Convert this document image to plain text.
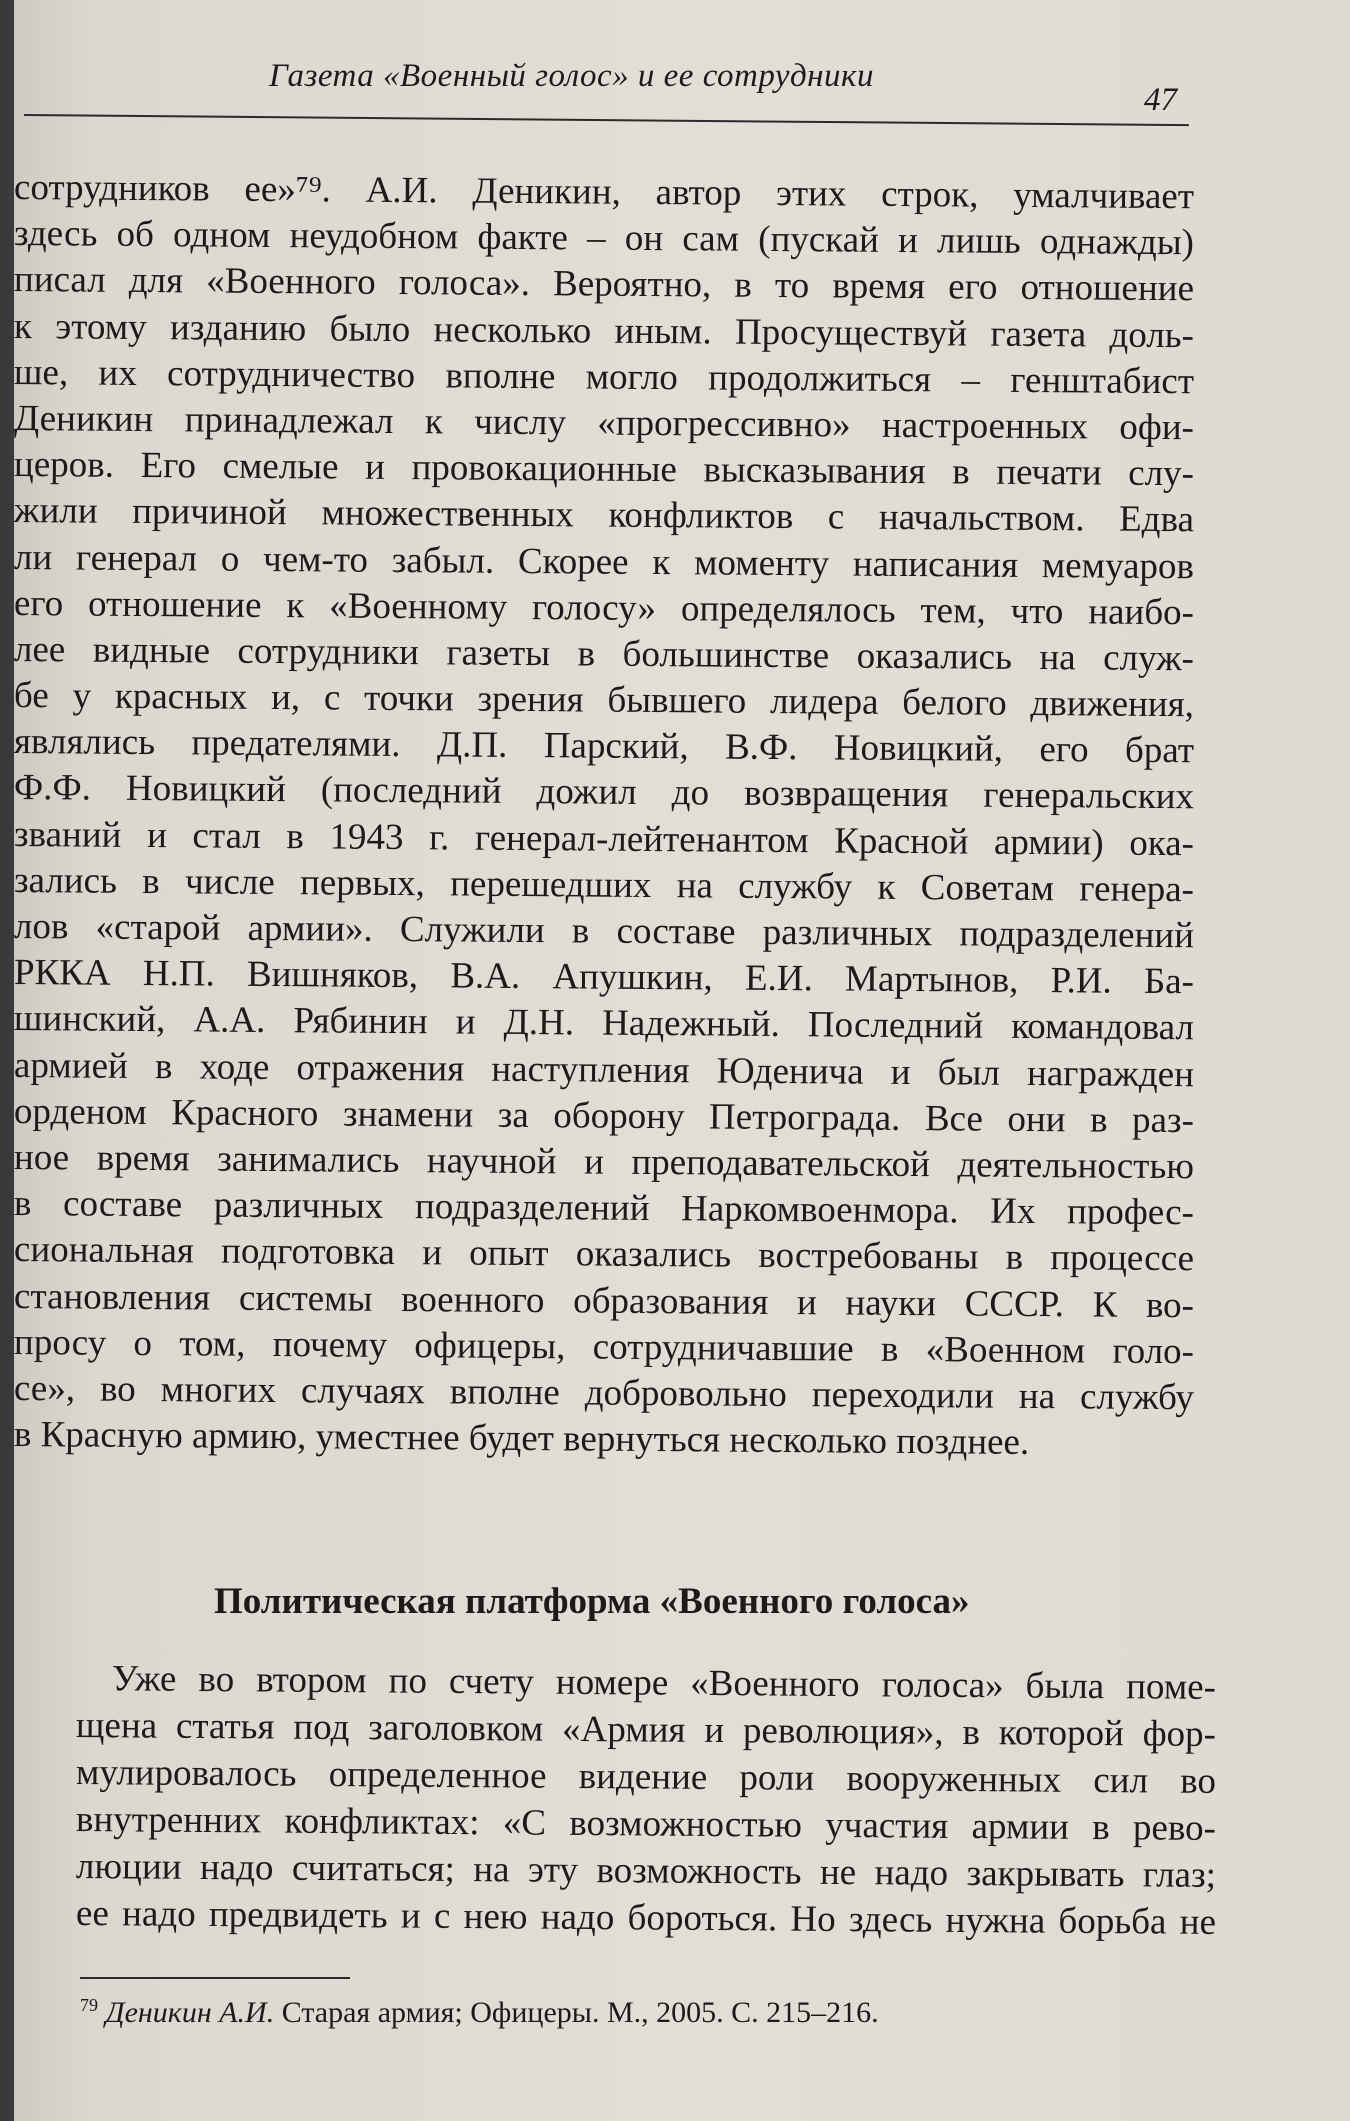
Газета «Военный голос» и ее сотрудники
47
сотрудников ее»⁷⁹. А.И. Деникин, автор этих строк, умалчивает
здесь об одном неудобном факте – он сам (пускай и лишь однажды)
писал для «Военного голоса». Вероятно, в то время его отношение
к этому изданию было несколько иным. Просуществуй газета доль-
ше, их сотрудничество вполне могло продолжиться – генштабист
Деникин принадлежал к числу «прогрессивно» настроенных офи-
церов. Его смелые и провокационные высказывания в печати слу-
жили причиной множественных конфликтов с начальством. Едва
ли генерал о чем-то забыл. Скорее к моменту написания мемуаров
его отношение к «Военному голосу» определялось тем, что наибо-
лее видные сотрудники газеты в большинстве оказались на служ-
бе у красных и, с точки зрения бывшего лидера белого движения,
являлись предателями. Д.П. Парский, В.Ф. Новицкий, его брат
Ф.Ф. Новицкий (последний дожил до возвращения генеральских
званий и стал в 1943 г. генерал-лейтенантом Красной армии) ока-
зались в числе первых, перешедших на службу к Советам генера-
лов «старой армии». Служили в составе различных подразделений
РККА Н.П. Вишняков, В.А. Апушкин, Е.И. Мартынов, Р.И. Ба-
шинский, А.А. Рябинин и Д.Н. Надежный. Последний командовал
армией в ходе отражения наступления Юденича и был награжден
орденом Красного знамени за оборону Петрограда. Все они в раз-
ное время занимались научной и преподавательской деятельностью
в составе различных подразделений Наркомвоенмора. Их профес-
сиональная подготовка и опыт оказались востребованы в процессе
становления системы военного образования и науки СССР. К во-
просу о том, почему офицеры, сотрудничавшие в «Военном голо-
се», во многих случаях вполне добровольно переходили на службу
в Красную армию, уместнее будет вернуться несколько позднее.
Политическая платформа «Военного голоса»
Уже во втором по счету номере «Военного голоса» была поме-
щена статья под заголовком «Армия и революция», в которой фор-
мулировалось определенное видение роли вооруженных сил во
внутренних конфликтах: «С возможностью участия армии в рево-
люции надо считаться; на эту возможность не надо закрывать глаз;
ее надо предвидеть и с нею надо бороться. Но здесь нужна борьба не
$^{79}$ Деникин А.И. Старая армия; Офицеры. М., 2005. С. 215–216.
